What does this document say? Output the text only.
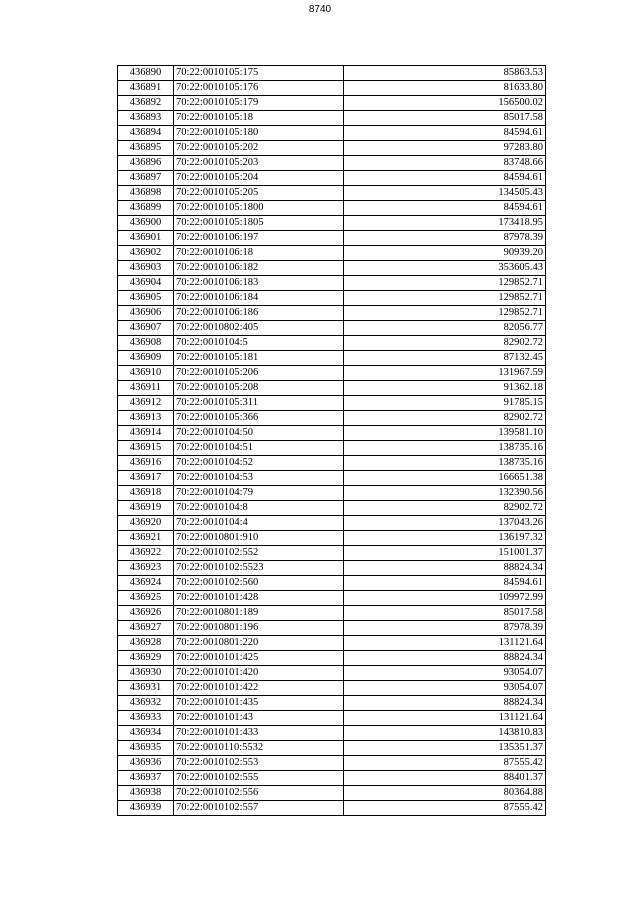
8740
436890	70:22:0010105:175	85863.53
436891	70:22:0010105:176	81633.80
436892	70:22:0010105:179	156500.02
436893	70:22:0010105:18	85017.58
436894	70:22:0010105:180	84594.61
436895	70:22:0010105:202	97283.80
436896	70:22:0010105:203	83748.66
436897	70:22:0010105:204	84594.61
436898	70:22:0010105:205	134505.43
436899	70:22:0010105:1800	84594.61
436900	70:22:0010105:1805	173418.95
436901	70:22:0010106:197	87978.39
436902	70:22:0010106:18	90939.20
436903	70:22:0010106:182	353605.43
436904	70:22:0010106:183	129852.71
436905	70:22:0010106:184	129852.71
436906	70:22:0010106:186	129852.71
436907	70:22:0010802:405	82056.77
436908	70:22:0010104:5	82902.72
436909	70:22:0010105:181	87132.45
436910	70:22:0010105:206	131967.59
436911	70:22:0010105:208	91362.18
436912	70:22:0010105:311	91785.15
436913	70:22:0010105:366	82902.72
436914	70:22:0010104:50	139581.10
436915	70:22:0010104:51	138735.16
436916	70:22:0010104:52	138735.16
436917	70:22:0010104:53	166651.38
436918	70:22:0010104:79	132390.56
436919	70:22:0010104:8	82902.72
436920	70:22:0010104:4	137043.26
436921	70:22:0010801:910	136197.32
436922	70:22:0010102:552	151001.37
436923	70:22:0010102:5523	88824.34
436924	70:22:0010102:560	84594.61
436925	70:22:0010101:428	109972.99
436926	70:22:0010801:189	85017.58
436927	70:22:0010801:196	87978.39
436928	70:22:0010801:220	131121.64
436929	70:22:0010101:425	88824.34
436930	70:22:0010101:420	93054.07
436931	70:22:0010101:422	93054.07
436932	70:22:0010101:435	88824.34
436933	70:22:0010101:43	131121.64
436934	70:22:0010101:433	143810.83
436935	70:22:0010110:5532	135351.37
436936	70:22:0010102:553	87555.42
436937	70:22:0010102:555	88401.37
436938	70:22:0010102:556	80364.88
436939	70:22:0010102:557	87555.42
